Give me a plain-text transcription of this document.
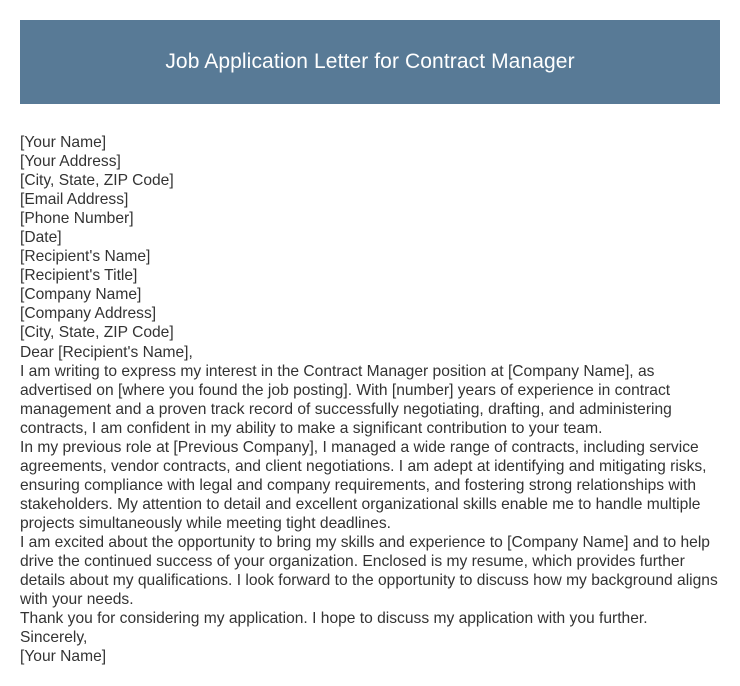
Job Application Letter for Contract Manager
[Your Name]
[Your Address]
[City, State, ZIP Code]
[Email Address]
[Phone Number]
[Date]
[Recipient's Name]
[Recipient's Title]
[Company Name]
[Company Address]
[City, State, ZIP Code]
Dear [Recipient's Name],

I am writing to express my interest in the Contract Manager position at [Company Name], as advertised on [where you found the job posting]. With [number] years of experience in contract management and a proven track record of successfully negotiating, drafting, and administering contracts, I am confident in my ability to make a significant contribution to your team.

In my previous role at [Previous Company], I managed a wide range of contracts, including service agreements, vendor contracts, and client negotiations. I am adept at identifying and mitigating risks, ensuring compliance with legal and company requirements, and fostering strong relationships with stakeholders. My attention to detail and excellent organizational skills enable me to handle multiple projects simultaneously while meeting tight deadlines.

I am excited about the opportunity to bring my skills and experience to [Company Name] and to help drive the continued success of your organization. Enclosed is my resume, which provides further details about my qualifications. I look forward to the opportunity to discuss how my background aligns with your needs.

Thank you for considering my application. I hope to discuss my application with you further.

Sincerely,
[Your Name]
